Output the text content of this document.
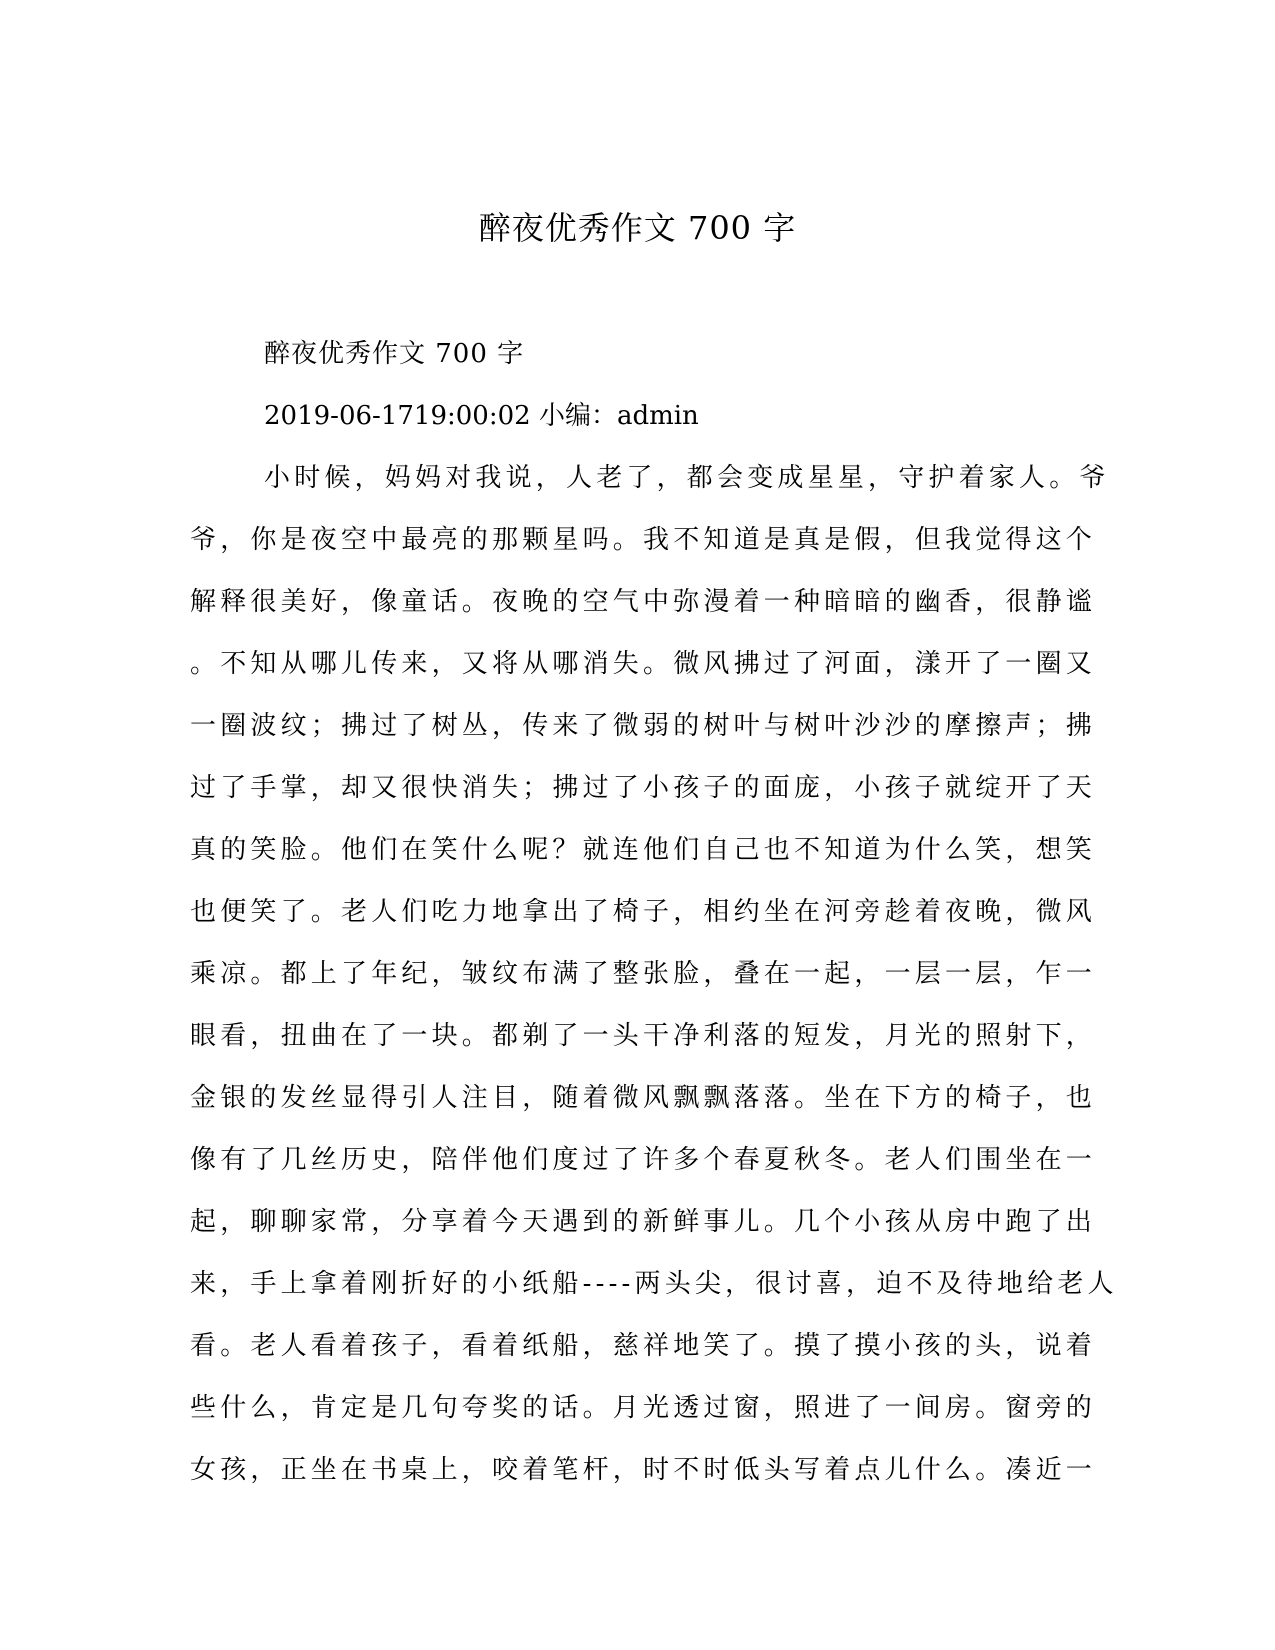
醉夜优秀作文 700 字

醉夜优秀作文 700 字

2019-06-1719:00:02 小编：admin

小时候，妈妈对我说，人老了，都会变成星星，守护着家人。爷
爷，你是夜空中最亮的那颗星吗。我不知道是真是假，但我觉得这个
解释很美好，像童话。夜晚的空气中弥漫着一种暗暗的幽香，很静谧
。不知从哪儿传来，又将从哪消失。微风拂过了河面，漾开了一圈又
一圈波纹；拂过了树丛，传来了微弱的树叶与树叶沙沙的摩擦声；拂
过了手掌，却又很快消失；拂过了小孩子的面庞，小孩子就绽开了天
真的笑脸。他们在笑什么呢？就连他们自己也不知道为什么笑，想笑
也便笑了。老人们吃力地拿出了椅子，相约坐在河旁趁着夜晚，微风
乘凉。都上了年纪，皱纹布满了整张脸，叠在一起，一层一层，乍一
眼看，扭曲在了一块。都剃了一头干净利落的短发，月光的照射下，
金银的发丝显得引人注目，随着微风飘飘落落。坐在下方的椅子，也
像有了几丝历史，陪伴他们度过了许多个春夏秋冬。老人们围坐在一
起，聊聊家常，分享着今天遇到的新鲜事儿。几个小孩从房中跑了出
来，手上拿着刚折好的小纸船----两头尖，很讨喜，迫不及待地给老人
看。老人看着孩子，看着纸船，慈祥地笑了。摸了摸小孩的头，说着
些什么，肯定是几句夸奖的话。月光透过窗，照进了一间房。窗旁的
女孩，正坐在书桌上，咬着笔杆，时不时低头写着点儿什么。凑近一
